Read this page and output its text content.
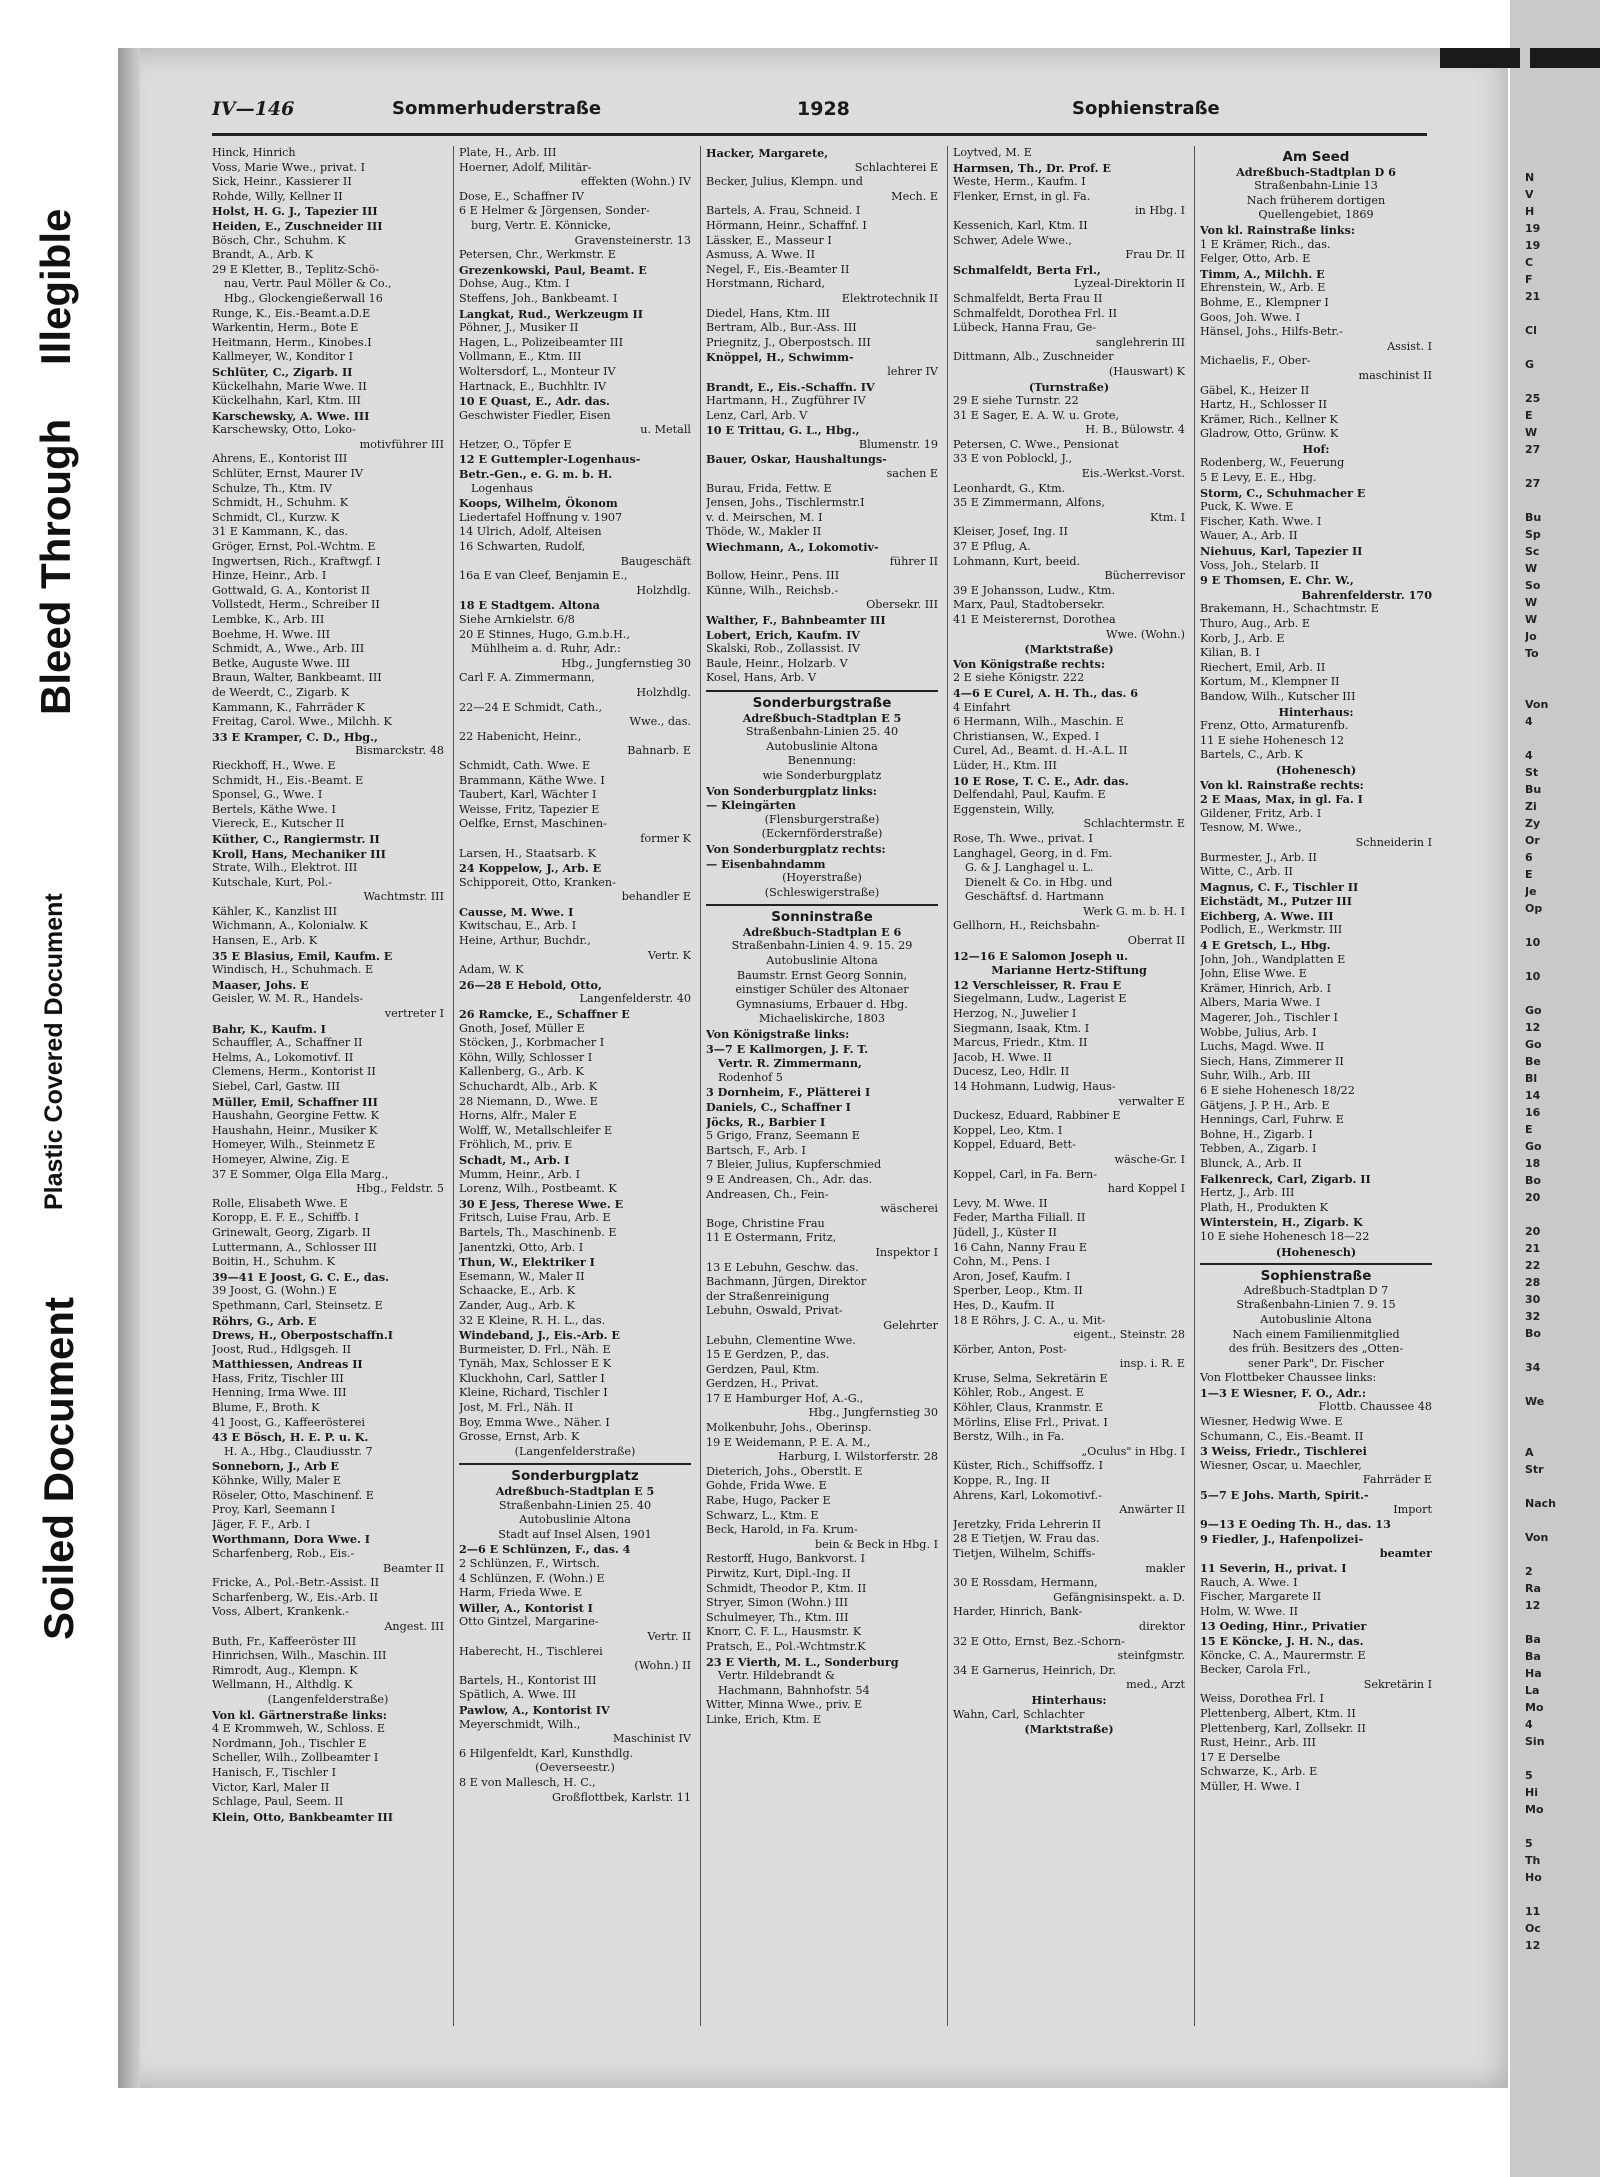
Soiled Document
Plastic Covered Document
Bleed Through
Illegible
N
V
H
19
19
C
F
21
Cl
G
25
E
W
27
27
Bu
Sp
Sc
W
So
W
W
Jo
To
Von
4
4
St
Bu
Zi
Zy
Or
6
E
Je
Op
10
10
Go
12
Go
Be
Bl
14
16
E
Go
18
Bo
20
20
21
22
28
30
32
Bo
34
We
A
Str
Nach
Von
2
Ra
12
Ba
Ba
Ha
La
Mo
4
Sin
5
Hi
Mo
5
Th
Ho
11
Oc
12
IV—146	Sommerhuderstraße	1928	Sophienstraße
Hinck, Hinrich
Voss, Marie Wwe., privat. I
Sick, Heinr., Kassierer II
Rohde, Willy, Kellner II
Holst, H. G. J., Tapezier III
Heiden, E., Zuschneider III
Bösch, Chr., Schuhm. K
Brandt, A., Arb. K
29 E Kletter, B., Teplitz-Schö-
nau, Vertr. Paul Möller & Co.,
Hbg., Glockengießerwall 16
Runge, K., Eis.-Beamt.a.D.E
Warkentin, Herm., Bote E
Heitmann, Herm., Kinobes.I
Kallmeyer, W., Konditor I
Schlüter, C., Zigarb. II
Kückelhahn, Marie Wwe. II
Kückelhahn, Karl, Ktm. III
Karschewsky, A. Wwe. III
Karschewsky, Otto, Loko-
motivführer III
Ahrens, E., Kontorist III
Schlüter, Ernst, Maurer IV
Schulze, Th., Ktm. IV
Schmidt, H., Schuhm. K
Schmidt, Cl., Kurzw. K
31 E Kammann, K., das.
Gröger, Ernst, Pol.-Wchtm. E
Ingwertsen, Rich., Kraftwgf. I
Hinze, Heinr., Arb. I
Gottwald, G. A., Kontorist II
Vollstedt, Herm., Schreiber II
Lembke, K., Arb. III
Boehme, H. Wwe. III
Schmidt, A., Wwe., Arb. III
Betke, Auguste Wwe. III
Braun, Walter, Bankbeamt. III
de Weerdt, C., Zigarb. K
Kammann, K., Fahrräder K
Freitag, Carol. Wwe., Milchh. K
33 E Kramper, C. D., Hbg.,
Bismarckstr. 48
Rieckhoff, H., Wwe. E
Schmidt, H., Eis.-Beamt. E
Sponsel, G., Wwe. I
Bertels, Käthe Wwe. I
Viereck, E., Kutscher II
Küther, C., Rangiermstr. II
Kroll, Hans, Mechaniker III
Strate, Wilh., Elektrot. III
Kutschale, Kurt, Pol.-
Wachtmstr. III
Kähler, K., Kanzlist III
Wichmann, A., Kolonialw. K
Hansen, E., Arb. K
35 E Blasius, Emil, Kaufm. E
Windisch, H., Schuhmach. E
Maaser, Johs. E
Geisler, W. M. R., Handels-
vertreter I
Bahr, K., Kaufm. I
Schauffler, A., Schaffner II
Helms, A., Lokomotivf. II
Clemens, Herm., Kontorist II
Siebel, Carl, Gastw. III
Müller, Emil, Schaffner III
Haushahn, Georgine Fettw. K
Haushahn, Heinr., Musiker K
Homeyer, Wilh., Steinmetz E
Homeyer, Alwine, Zig. E
37 E Sommer, Olga Ella Marg.,
Hbg., Feldstr. 5
Rolle, Elisabeth Wwe. E
Koropp, E. F. E., Schiffb. I
Grinewalt, Georg, Zigarb. II
Luttermann, A., Schlosser III
Boitin, H., Schuhm. K
39—41 E Joost, G. C. E., das.
39 Joost, G. (Wohn.) E
Spethmann, Carl, Steinsetz. E
Röhrs, G., Arb. E
Drews, H., Oberpostschaffn.I
Joost, Rud., Hdlgsgeh. II
Matthiessen, Andreas II
Hass, Fritz, Tischler III
Henning, Irma Wwe. III
Blume, F., Broth. K
41 Joost, G., Kaffeerösterei
43 E Bösch, H. E. P. u. K.
H. A., Hbg., Claudiusstr. 7
Sonneborn, J., Arb E
Köhnke, Willy, Maler E
Röseler, Otto, Maschinenf. E
Proy, Karl, Seemann I
Jäger, F. F., Arb. I
Worthmann, Dora Wwe. I
Scharfenberg, Rob., Eis.-
Beamter II
Fricke, A., Pol.-Betr.-Assist. II
Scharfenberg, W., Eis.-Arb. II
Voss, Albert, Krankenk.-
Angest. III
Buth, Fr., Kaffeeröster III
Hinrichsen, Wilh., Maschin. III
Rimrodt, Aug., Klempn. K
Wellmann, H., Althdlg. K
(Langenfelderstraße)
Von kl. Gärtnerstraße links:
4 E Krommweh, W., Schloss. E
Nordmann, Joh., Tischler E
Scheller, Wilh., Zollbeamter I
Hanisch, F., Tischler I
Victor, Karl, Maler II
Schlage, Paul, Seem. II
Klein, Otto, Bankbeamter III
Plate, H., Arb. III
Hoerner, Adolf, Militär-
effekten (Wohn.) IV
Dose, E., Schaffner IV
6 E Helmer & Jörgensen, Sonder-
burg, Vertr. E. Könnicke,
Gravensteinerstr. 13
Petersen, Chr., Werkmstr. E
Grezenkowski, Paul, Beamt. E
Dohse, Aug., Ktm. I
Steffens, Joh., Bankbeamt. I
Langkat, Rud., Werkzeugm II
Pöhner, J., Musiker II
Hagen, L., Polizeibeamter III
Vollmann, E., Ktm. III
Woltersdorf, L., Monteur IV
Hartnack, E., Buchhltr. IV
10 E Quast, E., Adr. das.
Geschwister Fiedler, Eisen
u. Metall
Hetzer, O., Töpfer E
12 E Guttempler-Logenhaus-
Betr.-Gen., e. G. m. b. H.
Logenhaus
Koops, Wilhelm, Ökonom
Liedertafel Hoffnung v. 1907
14 Ulrich, Adolf, Alteisen
16 Schwarten, Rudolf,
Baugeschäft
16a E van Cleef, Benjamin E.,
Holzhdlg.
18 E Stadtgem. Altona
Siehe Arnkielstr. 6/8
20 E Stinnes, Hugo, G.m.b.H.,
Mühlheim a. d. Ruhr, Adr.:
Hbg., Jungfernstieg 30
Carl F. A. Zimmermann,
Holzhdlg.
22—24 E Schmidt, Cath.,
Wwe., das.
22 Habenicht, Heinr.,
Bahnarb. E
Schmidt, Cath. Wwe. E
Brammann, Käthe Wwe. I
Taubert, Karl, Wächter I
Weisse, Fritz, Tapezier E
Oelfke, Ernst, Maschinen-
former K
Larsen, H., Staatsarb. K
24 Koppelow, J., Arb. E
Schipporeit, Otto, Kranken-
behandler E
Causse, M. Wwe. I
Kwitschau, E., Arb. I
Heine, Arthur, Buchdr.,
Vertr. K
Adam, W. K
26—28 E Hebold, Otto,
Langenfelderstr. 40
26 Ramcke, E., Schaffner E
Gnoth, Josef, Müller E
Stöcken, J., Korbmacher I
Köhn, Willy, Schlosser I
Kallenberg, G., Arb. K
Schuchardt, Alb., Arb. K
28 Niemann, D., Wwe. E
Horns, Alfr., Maler E
Wolff, W., Metallschleifer E
Fröhlich, M., priv. E
Schadt, M., Arb. I
Mumm, Heinr., Arb. I
Lorenz, Wilh., Postbeamt. K
30 E Jess, Therese Wwe. E
Fritsch, Luise Frau, Arb. E
Bartels, Th., Maschinenb. E
Janentzki, Otto, Arb. I
Thun, W., Elektriker I
Esemann, W., Maler II
Schaacke, E., Arb. K
Zander, Aug., Arb. K
32 E Kleine, R. H. L., das.
Windeband, J., Eis.-Arb. E
Burmeister, D. Frl., Näh. E
Tynäh, Max, Schlosser E K
Kluckhohn, Carl, Sattler I
Kleine, Richard, Tischler I
Jost, M. Frl., Näh. II
Boy, Emma Wwe., Näher. I
Grosse, Ernst, Arb. K
(Langenfelderstraße)
Sonderburgplatz
Adreßbuch-Stadtplan E 5
Straßenbahn-Linien 25. 40
Autobuslinie Altona
Stadt auf Insel Alsen, 1901
2—6 E Schlünzen, F., das. 4
2 Schlünzen, F., Wirtsch.
4 Schlünzen, F. (Wohn.) E
Harm, Frieda Wwe. E
Willer, A., Kontorist I
Otto Gintzel, Margarine-
Vertr. II
Haberecht, H., Tischlerei
(Wohn.) II
Bartels, H., Kontorist III
Spätlich, A. Wwe. III
Pawlow, A., Kontorist IV
Meyerschmidt, Wilh.,
Maschinist IV
6 Hilgenfeldt, Karl, Kunsthdlg.
(Oeverseestr.)
8 E von Mallesch, H. C.,
Großflottbek, Karlstr. 11
Hacker, Margarete,
Schlachterei E
Becker, Julius, Klempn. und
Mech. E
Bartels, A. Frau, Schneid. I
Hörmann, Heinr., Schaffnf. I
Lässker, E., Masseur I
Asmuss, A. Wwe. II
Negel, F., Eis.-Beamter II
Horstmann, Richard,
Elektrotechnik II
Diedel, Hans, Ktm. III
Bertram, Alb., Bur.-Ass. III
Priegnitz, J., Oberpostsch. III
Knöppel, H., Schwimm-
lehrer IV
Brandt, E., Eis.-Schaffn. IV
Hartmann, H., Zugführer IV
Lenz, Carl, Arb. V
10 E Trittau, G. L., Hbg.,
Blumenstr. 19
Bauer, Oskar, Haushaltungs-
sachen E
Burau, Frida, Fettw. E
Jensen, Johs., Tischlermstr.I
v. d. Meirschen, M. I
Thöde, W., Makler II
Wiechmann, A., Lokomotiv-
führer II
Bollow, Heinr., Pens. III
Künne, Wilh., Reichsb.-
Obersekr. III
Walther, F., Bahnbeamter III
Lobert, Erich, Kaufm. IV
Skalski, Rob., Zollassist. IV
Baule, Heinr., Holzarb. V
Kosel, Hans, Arb. V
Sonderburgstraße
Adreßbuch-Stadtplan E 5
Straßenbahn-Linien 25. 40
Autobuslinie Altona
Benennung:
wie Sonderburgplatz
Von Sonderburgplatz links:
— Kleingärten
(Flensburgerstraße)
(Eckernförderstraße)
Von Sonderburgplatz rechts:
— Eisenbahndamm
(Hoyerstraße)
(Schleswigerstraße)
Sonninstraße
Adreßbuch-Stadtplan E 6
Straßenbahn-Linien 4. 9. 15. 29
Autobuslinie Altona
Baumstr. Ernst Georg Sonnin,
einstiger Schüler des Altonaer
Gymnasiums, Erbauer d. Hbg.
Michaeliskirche, 1803
Von Königstraße links:
3—7 E Kallmorgen, J. F. T.
Vertr. R. Zimmermann,
Rodenhof 5
3 Dornheim, F., Plätterei I
Daniels, C., Schaffner I
Jöcks, R., Barbier I
5 Grigo, Franz, Seemann E
Bartsch, F., Arb. I
7 Bleier, Julius, Kupferschmied
9 E Andreasen, Ch., Adr. das.
Andreasen, Ch., Fein-
wäscherei
Boge, Christine Frau
11 E Ostermann, Fritz,
Inspektor I
13 E Lebuhn, Geschw. das.
Bachmann, Jürgen, Direktor
der Straßenreinigung
Lebuhn, Oswald, Privat-
Gelehrter
Lebuhn, Clementine Wwe.
15 E Gerdzen, P., das.
Gerdzen, Paul, Ktm.
Gerdzen, H., Privat.
17 E Hamburger Hof, A.-G.,
Hbg., Jungfernstieg 30
Molkenbuhr, Johs., Oberinsp.
19 E Weidemann, P. E. A. M.,
Harburg, I. Wilstorferstr. 28
Dieterich, Johs., Oberstlt. E
Gohde, Frida Wwe. E
Rabe, Hugo, Packer E
Schwarz, L., Ktm. E
Beck, Harold, in Fa. Krum-
bein & Beck in Hbg. I
Restorff, Hugo, Bankvorst. I
Pirwitz, Kurt, Dipl.-Ing. II
Schmidt, Theodor P., Ktm. II
Stryer, Simon (Wohn.) III
Schulmeyer, Th., Ktm. III
Knorr, C. F. L., Hausmstr. K
Pratsch, E., Pol.-Wchtmstr.K
23 E Vierth, M. L., Sonderburg
Vertr. Hildebrandt &
Hachmann, Bahnhofstr. 54
Witter, Minna Wwe., priv. E
Linke, Erich, Ktm. E
Loytved, M. E
Harmsen, Th., Dr. Prof. E
Weste, Herm., Kaufm. I
Flenker, Ernst, in gl. Fa.
in Hbg. I
Kessenich, Karl, Ktm. II
Schwer, Adele Wwe.,
Frau Dr. II
Schmalfeldt, Berta Frl.,
Lyzeal-Direktorin II
Schmalfeldt, Berta Frau II
Schmalfeldt, Dorothea Frl. II
Lübeck, Hanna Frau, Ge-
sanglehrerin III
Dittmann, Alb., Zuschneider
(Hauswart) K
(Turnstraße)
29 E siehe Turnstr. 22
31 E Sager, E. A. W. u. Grote,
H. B., Bülowstr. 4
Petersen, C. Wwe., Pensionat
33 E von Poblockl, J.,
Eis.-Werkst.-Vorst.
Leonhardt, G., Ktm.
35 E Zimmermann, Alfons,
Ktm. I
Kleiser, Josef, Ing. II
37 E Pflug, A.
Lohmann, Kurt, beeid.
Bücherrevisor
39 E Johansson, Ludw., Ktm.
Marx, Paul, Stadtobersekr.
41 E Meisterernst, Dorothea
Wwe. (Wohn.)
(Marktstraße)
Von Königstraße rechts:
2 E siehe Königstr. 222
4—6 E Curel, A. H. Th., das. 6
4 Einfahrt
6 Hermann, Wilh., Maschin. E
Christiansen, W., Exped. I
Curel, Ad., Beamt. d. H.-A.L. II
Lüder, H., Ktm. III
10 E Rose, T. C. E., Adr. das.
Delfendahl, Paul, Kaufm. E
Eggenstein, Willy,
Schlachtermstr. E
Rose, Th. Wwe., privat. I
Langhagel, Georg, in d. Fm.
G. & J. Langhagel u. L.
Dienelt & Co. in Hbg. und
Geschäftsf. d. Hartmann
Werk G. m. b. H. I
Gellhorn, H., Reichsbahn-
Oberrat II
12—16 E Salomon Joseph u.
Marianne Hertz-Stiftung
12 Verschleisser, R. Frau E
Siegelmann, Ludw., Lagerist E
Herzog, N., Juwelier I
Siegmann, Isaak, Ktm. I
Marcus, Friedr., Ktm. II
Jacob, H. Wwe. II
Ducesz, Leo, Hdlr. II
14 Hohmann, Ludwig, Haus-
verwalter E
Duckesz, Eduard, Rabbiner E
Koppel, Leo, Ktm. I
Koppel, Eduard, Bett-
wäsche-Gr. I
Koppel, Carl, in Fa. Bern-
hard Koppel I
Levy, M. Wwe. II
Feder, Martha Filiall. II
Jüdell, J., Küster II
16 Cahn, Nanny Frau E
Cohn, M., Pens. I
Aron, Josef, Kaufm. I
Sperber, Leop., Ktm. II
Hes, D., Kaufm. II
18 E Röhrs, J. C. A., u. Mit-
eigent., Steinstr. 28
Körber, Anton, Post-
insp. i. R. E
Kruse, Selma, Sekretärin E
Köhler, Rob., Angest. E
Köhler, Claus, Kranmstr. E
Mörlins, Elise Frl., Privat. I
Berstz, Wilh., in Fa.
„Oculus" in Hbg. I
Küster, Rich., Schiffsoffz. I
Koppe, R., Ing. II
Ahrens, Karl, Lokomotivf.-
Anwärter II
Jeretzky, Frida Lehrerin II
28 E Tietjen, W. Frau das.
Tietjen, Wilhelm, Schiffs-
makler
30 E Rossdam, Hermann,
Gefängnisinspekt. a. D.
Harder, Hinrich, Bank-
direktor
32 E Otto, Ernst, Bez.-Schorn-
steinfgmstr.
34 E Garnerus, Heinrich, Dr.
med., Arzt
Hinterhaus:
Wahn, Carl, Schlachter
(Marktstraße)
Am Seed
Adreßbuch-Stadtplan D 6
Straßenbahn-Linie 13
Nach früherem dortigen
Quellengebiet, 1869
Von kl. Rainstraße links:
1 E Krämer, Rich., das.
Felger, Otto, Arb. E
Timm, A., Milchh. E
Ehrenstein, W., Arb. E
Bohme, E., Klempner I
Goos, Joh. Wwe. I
Hänsel, Johs., Hilfs-Betr.-
Assist. I
Michaelis, F., Ober-
maschinist II
Gäbel, K., Heizer II
Hartz, H., Schlosser II
Krämer, Rich., Kellner K
Gladrow, Otto, Grünw. K
Hof:
Rodenberg, W., Feuerung
5 E Levy, E. E., Hbg.
Storm, C., Schuhmacher E
Puck, K. Wwe. E
Fischer, Kath. Wwe. I
Wauer, A., Arb. II
Niehuus, Karl, Tapezier II
Voss, Joh., Stelarb. II
9 E Thomsen, E. Chr. W.,
Bahrenfelderstr. 170
Brakemann, H., Schachtmstr. E
Thuro, Aug., Arb. E
Korb, J., Arb. E
Kilian, B. I
Riechert, Emil, Arb. II
Kortum, M., Klempner II
Bandow, Wilh., Kutscher III
Hinterhaus:
Frenz, Otto, Armaturenfb.
11 E siehe Hohenesch 12
Bartels, C., Arb. K
(Hohenesch)
Von kl. Rainstraße rechts:
2 E Maas, Max, in gl. Fa. I
Gildener, Fritz, Arb. I
Tesnow, M. Wwe.,
Schneiderin I
Burmester, J., Arb. II
Witte, C., Arb. II
Magnus, C. F., Tischler II
Eichstädt, M., Putzer III
Eichberg, A. Wwe. III
Podlich, E., Werkmstr. III
4 E Gretsch, L., Hbg.
John, Joh., Wandplatten E
John, Elise Wwe. E
Krämer, Hinrich, Arb. I
Albers, Maria Wwe. I
Magerer, Joh., Tischler I
Wobbe, Julius, Arb. I
Luchs, Magd. Wwe. II
Siech, Hans, Zimmerer II
Suhr, Wilh., Arb. III
6 E siehe Hohenesch 18/22
Gätjens, J. P. H., Arb. E
Hennings, Carl, Fuhrw. E
Bohne, H., Zigarb. I
Tebben, A., Zigarb. I
Blunck, A., Arb. II
Falkenreck, Carl, Zigarb. II
Hertz, J., Arb. III
Plath, H., Produkten K
Winterstein, H., Zigarb. K
10 E siehe Hohenesch 18—22
(Hohenesch)
Sophienstraße
Adreßbuch-Stadtplan D 7
Straßenbahn-Linien 7. 9. 15
Autobuslinie Altona
Nach einem Familienmitglied
des früh. Besitzers des „Otten-
sener Park", Dr. Fischer
Von Flottbeker Chaussee links:
1—3 E Wiesner, F. O., Adr.:
Flottb. Chaussee 48
Wiesner, Hedwig Wwe. E
Schumann, C., Eis.-Beamt. II
3 Weiss, Friedr., Tischlerei
Wiesner, Oscar, u. Maechler,
Fahrräder E
5—7 E Johs. Marth, Spirit.-
Import
9—13 E Oeding Th. H., das. 13
9 Fiedler, J., Hafenpolizei-
beamter
11 Severin, H., privat. I
Rauch, A. Wwe. I
Fischer, Margarete II
Holm, W. Wwe. II
13 Oeding, Hinr., Privatier
15 E Köncke, J. H. N., das.
Köncke, C. A., Maurermstr. E
Becker, Carola Frl.,
Sekretärin I
Weiss, Dorothea Frl. I
Plettenberg, Albert, Ktm. II
Plettenberg, Karl, Zollsekr. II
Rust, Heinr., Arb. III
17 E Derselbe
Schwarze, K., Arb. E
Müller, H. Wwe. I
